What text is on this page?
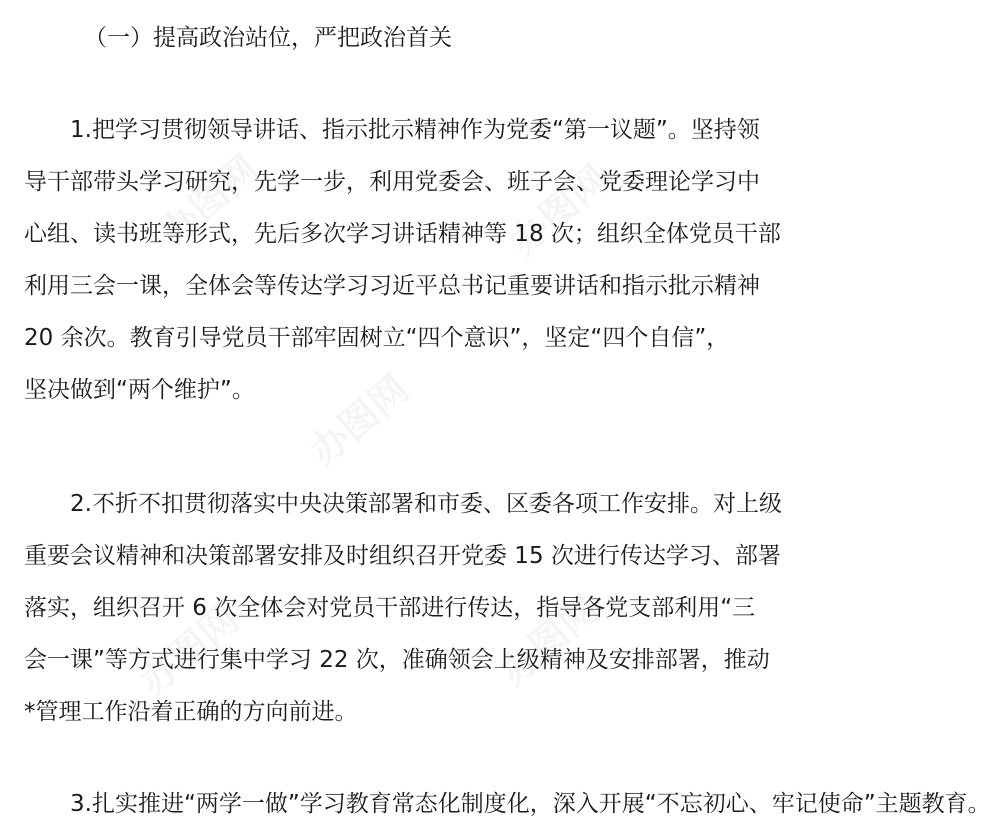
（一）提高政治站位，严把政治首关
1.把学习贯彻领导讲话、指示批示精神作为党委“第一议题”。坚持领
导干部带头学习研究，先学一步，利用党委会、班子会、党委理论学习中
心组、读书班等形式，先后多次学习讲话精神等 18 次；组织全体党员干部
利用三会一课，全体会等传达学习习近平总书记重要讲话和指示批示精神
20 余次。教育引导党员干部牢固树立“四个意识”，坚定“四个自信”，
坚决做到“两个维护”。
2.不折不扣贯彻落实中央决策部署和市委、区委各项工作安排。对上级
重要会议精神和决策部署安排及时组织召开党委 15 次进行传达学习、部署
落实，组织召开 6 次全体会对党员干部进行传达，指导各党支部利用“三
会一课”等方式进行集中学习 22 次，准确领会上级精神及安排部署，推动
*管理工作沿着正确的方向前进。
3.扎实推进“两学一做”学习教育常态化制度化，深入开展“不忘初心、牢记使命”主题教育。
